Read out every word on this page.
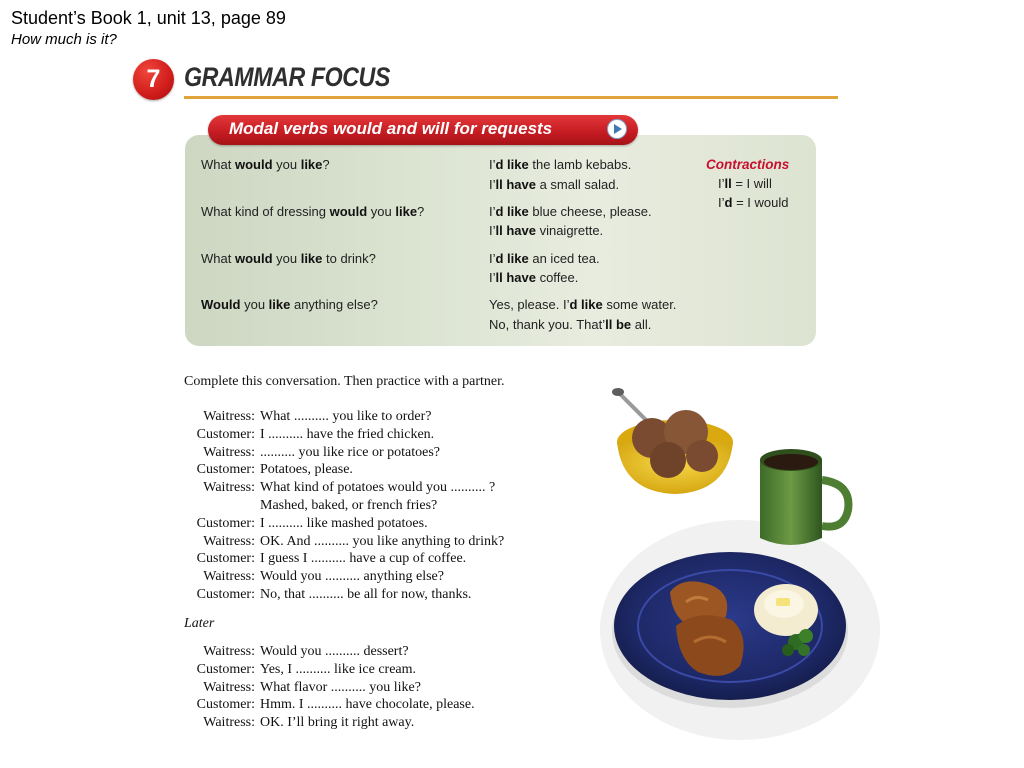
Student’s Book 1, unit 13, page 89
How much is it?
7 GRAMMAR FOCUS
Modal verbs would and will for requests
What would you like?
What kind of dressing would you like?
What would you like to drink?
Would you like anything else?
I’d like the lamb kebabs.
I’ll have a small salad.
I’d like blue cheese, please.
I’ll have vinaigrette.
I’d like an iced tea.
I’ll have coffee.
Yes, please. I’d like some water.
No, thank you. That’ll be all.
Contractions
I’ll = I will
I’d = I would
Complete this conversation. Then practice with a partner.
Waitress: What .......... you like to order?
Customer: I .......... have the fried chicken.
Waitress: .......... you like rice or potatoes?
Customer: Potatoes, please.
Waitress: What kind of potatoes would you .......... ?
Mashed, baked, or french fries?
Customer: I .......... like mashed potatoes.
Waitress: OK. And .......... you like anything to drink?
Customer: I guess I .......... have a cup of coffee.
Waitress: Would you .......... anything else?
Customer: No, that .......... be all for now, thanks.
Later
Waitress: Would you .......... dessert?
Customer: Yes, I .......... like ice cream.
Waitress: What flavor .......... you like?
Customer: Hmm. I .......... have chocolate, please.
Waitress: OK. I’ll bring it right away.
